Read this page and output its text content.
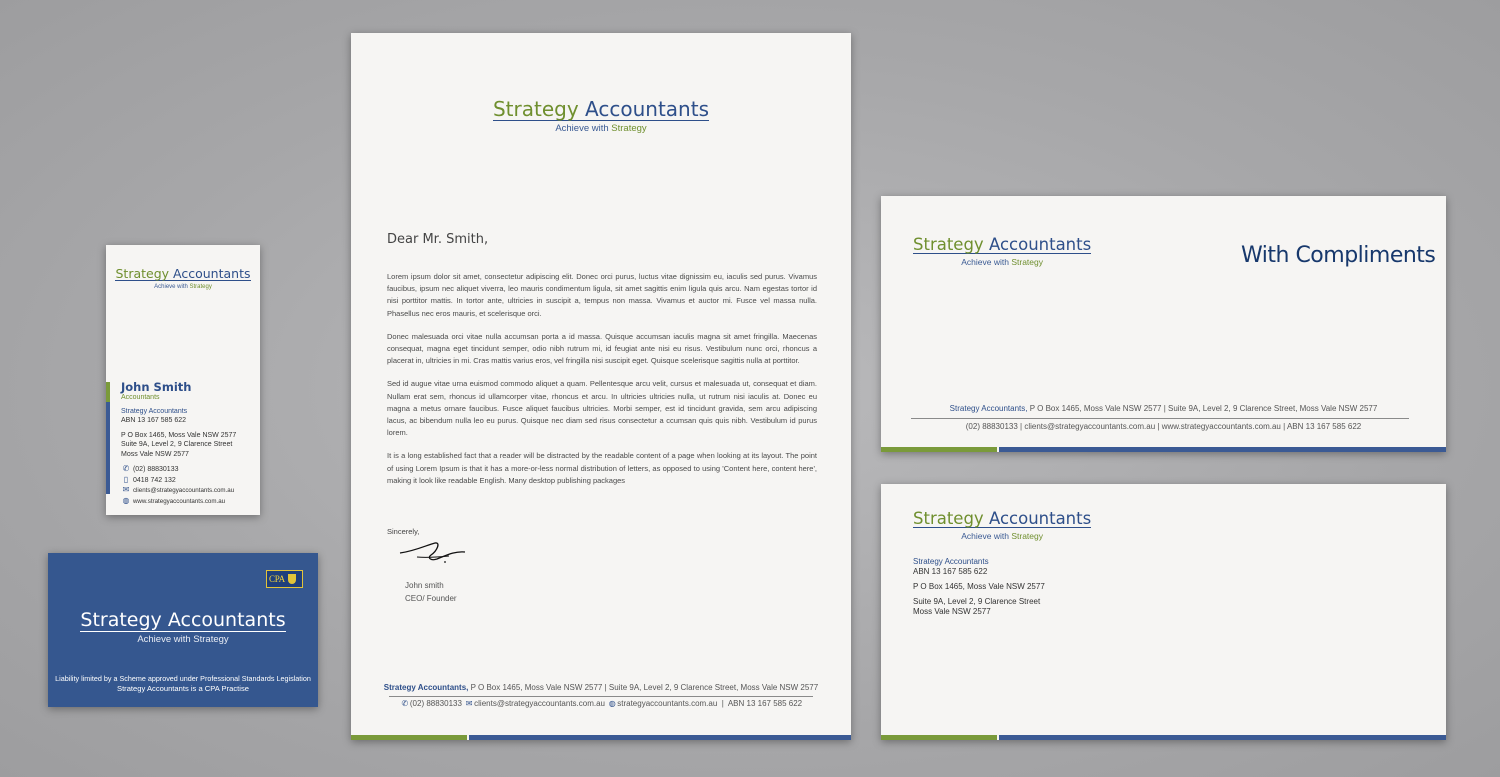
Strategy Accountants
Achieve with Strategy
John Smith
Accountants
Strategy Accountants
ABN 13 167 585 622
P O Box 1465, Moss Vale NSW 2577
Suite 9A, Level 2, 9 Clarence Street
Moss Vale NSW 2577
✆ (02) 88830133
▯ 0418 742 132
✉ clients@strategyaccountants.com.au
◍ www.strategyaccountants.com.au
CPA
Strategy Accountants
Achieve with Strategy
Liability limited by a Scheme approved under Professional Standards Legislation
Strategy Accountants is a CPA Practise
Strategy Accountants
Achieve with Strategy
Dear Mr. Smith,

Lorem ipsum dolor sit amet, consectetur adipiscing elit. Donec orci purus, luctus vitae dignissim eu, iaculis sed purus. Vivamus faucibus, ipsum nec aliquet viverra, leo mauris condimentum ligula, sit amet sagittis enim ligula quis arcu. Nam egestas tortor id nisi porttitor mattis. In tortor ante, ultricies in suscipit a, tempus non massa. Vivamus et auctor mi. Fusce vel massa nulla. Phasellus nec eros mauris, et scelerisque orci.

Donec malesuada orci vitae nulla accumsan porta a id massa. Quisque accumsan iaculis magna sit amet fringilla. Maecenas consequat, magna eget tincidunt semper, odio nibh rutrum mi, id feugiat ante nisi eu risus. Vestibulum nunc orci, rhoncus a placerat in, ultricies in mi. Cras mattis varius eros, vel fringilla nisi suscipit eget. Quisque scelerisque sagittis nulla at porttitor.

Sed id augue vitae urna euismod commodo aliquet a quam. Pellentesque arcu velit, cursus et malesuada ut, consequat et diam. Nullam erat sem, rhoncus id ullamcorper vitae, rhoncus et arcu. In ultricies ultricies nulla, ut rutrum nisi iaculis at. Donec eu magna a metus ornare faucibus. Fusce aliquet faucibus ultricies. Morbi semper, est id tincidunt gravida, sem arcu adipiscing lacus, ac bibendum nulla leo eu purus. Quisque nec diam sed risus consectetur a ccumsan quis quis nibh. Vestibulum id purus lorem.

It is a long established fact that a reader will be distracted by the readable content of a page when looking at its layout. The point of using Lorem Ipsum is that it has a more-or-less normal distribution of letters, as opposed to using 'Content here, content here', making it look like readable English. Many desktop publishing packages

Sincerely,
John smith
CEO/ Founder
Strategy Accountants, P O Box 1465, Moss Vale NSW 2577 | Suite 9A, Level 2, 9 Clarence Street, Moss Vale NSW 2577
✆ (02) 88830133 ✉ clients@strategyaccountants.com.au ◍ strategyaccountants.com.au  |  ABN 13 167 585 622
Strategy Accountants
Achieve with Strategy	With Compliments
Strategy Accountants, P O Box 1465, Moss Vale NSW 2577 | Suite 9A, Level 2, 9 Clarence Street, Moss Vale NSW 2577
(02) 88830133 | clients@strategyaccountants.com.au | www.strategyaccountants.com.au | ABN 13 167 585 622
Strategy Accountants
Achieve with Strategy
Strategy Accountants
ABN 13 167 585 622
P O Box 1465, Moss Vale NSW 2577
Suite 9A, Level 2, 9 Clarence Street
Moss Vale NSW 2577
